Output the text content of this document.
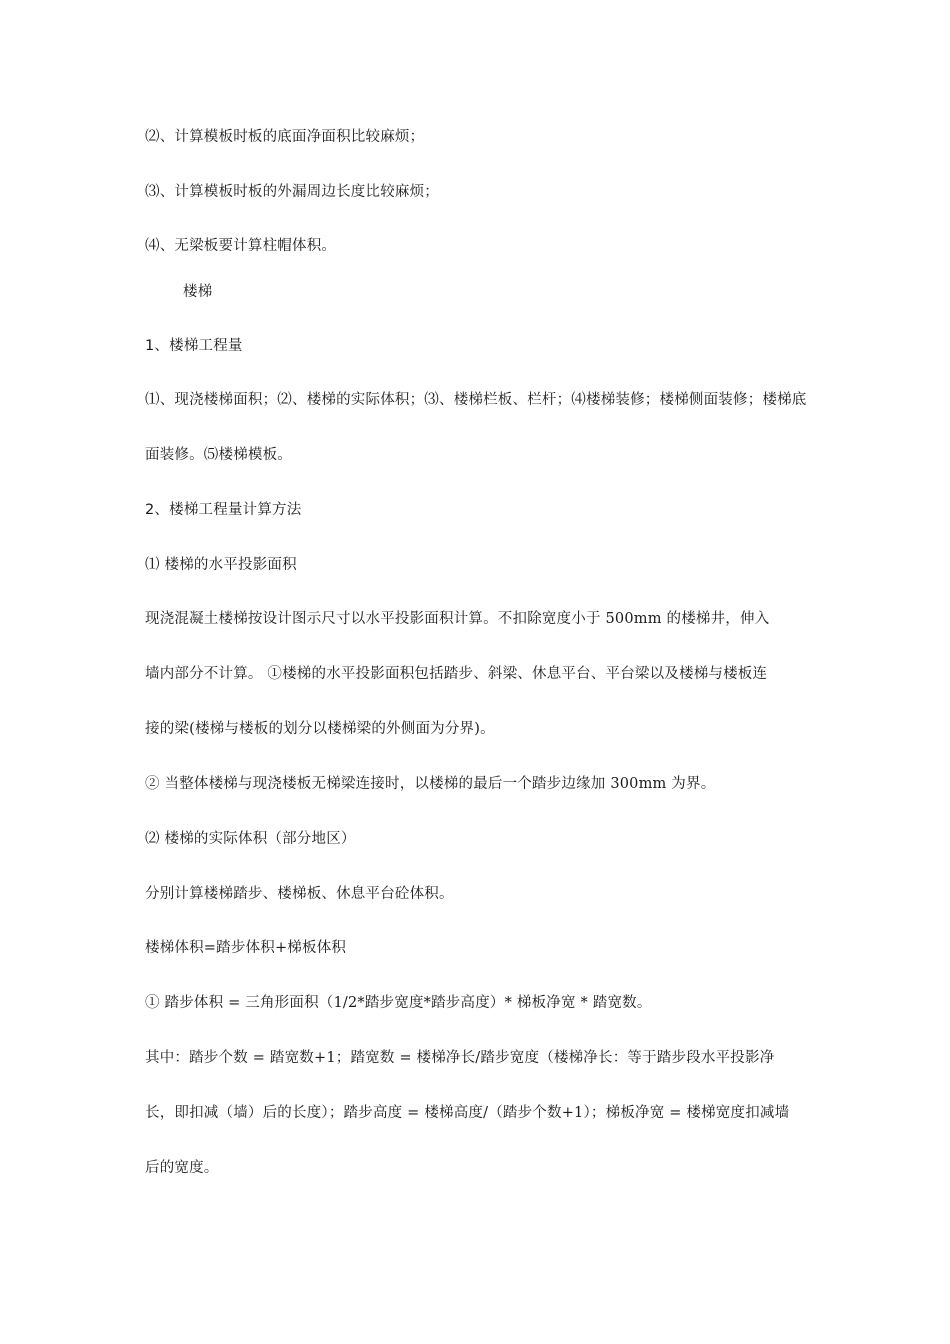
⑵、计算模板时板的底面净面积比较麻烦；
⑶、计算模板时板的外漏周边长度比较麻烦；
⑷、无梁板要计算柱帽体积。
楼梯
1、楼梯工程量
⑴、现浇楼梯面积；⑵、楼梯的实际体积；⑶、楼梯栏板、栏杆；⑷楼梯装修；楼梯侧面装修；楼梯底
面装修。⑸楼梯模板。
2、楼梯工程量计算方法
⑴ 楼梯的水平投影面积
现浇混凝土楼梯按设计图示尺寸以水平投影面积计算。不扣除宽度小于 500mm 的楼梯井，伸入
墙内部分不计算。 ①楼梯的水平投影面积包括踏步、斜梁、休息平台、平台梁以及楼梯与楼板连
接的梁(楼梯与楼板的划分以楼梯梁的外侧面为分界)。
② 当整体楼梯与现浇楼板无梯梁连接时，以楼梯的最后一个踏步边缘加 300mm 为界。
⑵ 楼梯的实际体积（部分地区）
分别计算楼梯踏步、楼梯板、休息平台砼体积。
楼梯体积=踏步体积+梯板体积
① 踏步体积 = 三角形面积（1/2*踏步宽度*踏步高度）* 梯板净宽 * 踏宽数。
其中：踏步个数 = 踏宽数+1；踏宽数 = 楼梯净长/踏步宽度（楼梯净长：等于踏步段水平投影净
长，即扣减（墙）后的长度）；踏步高度 = 楼梯高度/（踏步个数+1）；梯板净宽 = 楼梯宽度扣减墙
后的宽度。
